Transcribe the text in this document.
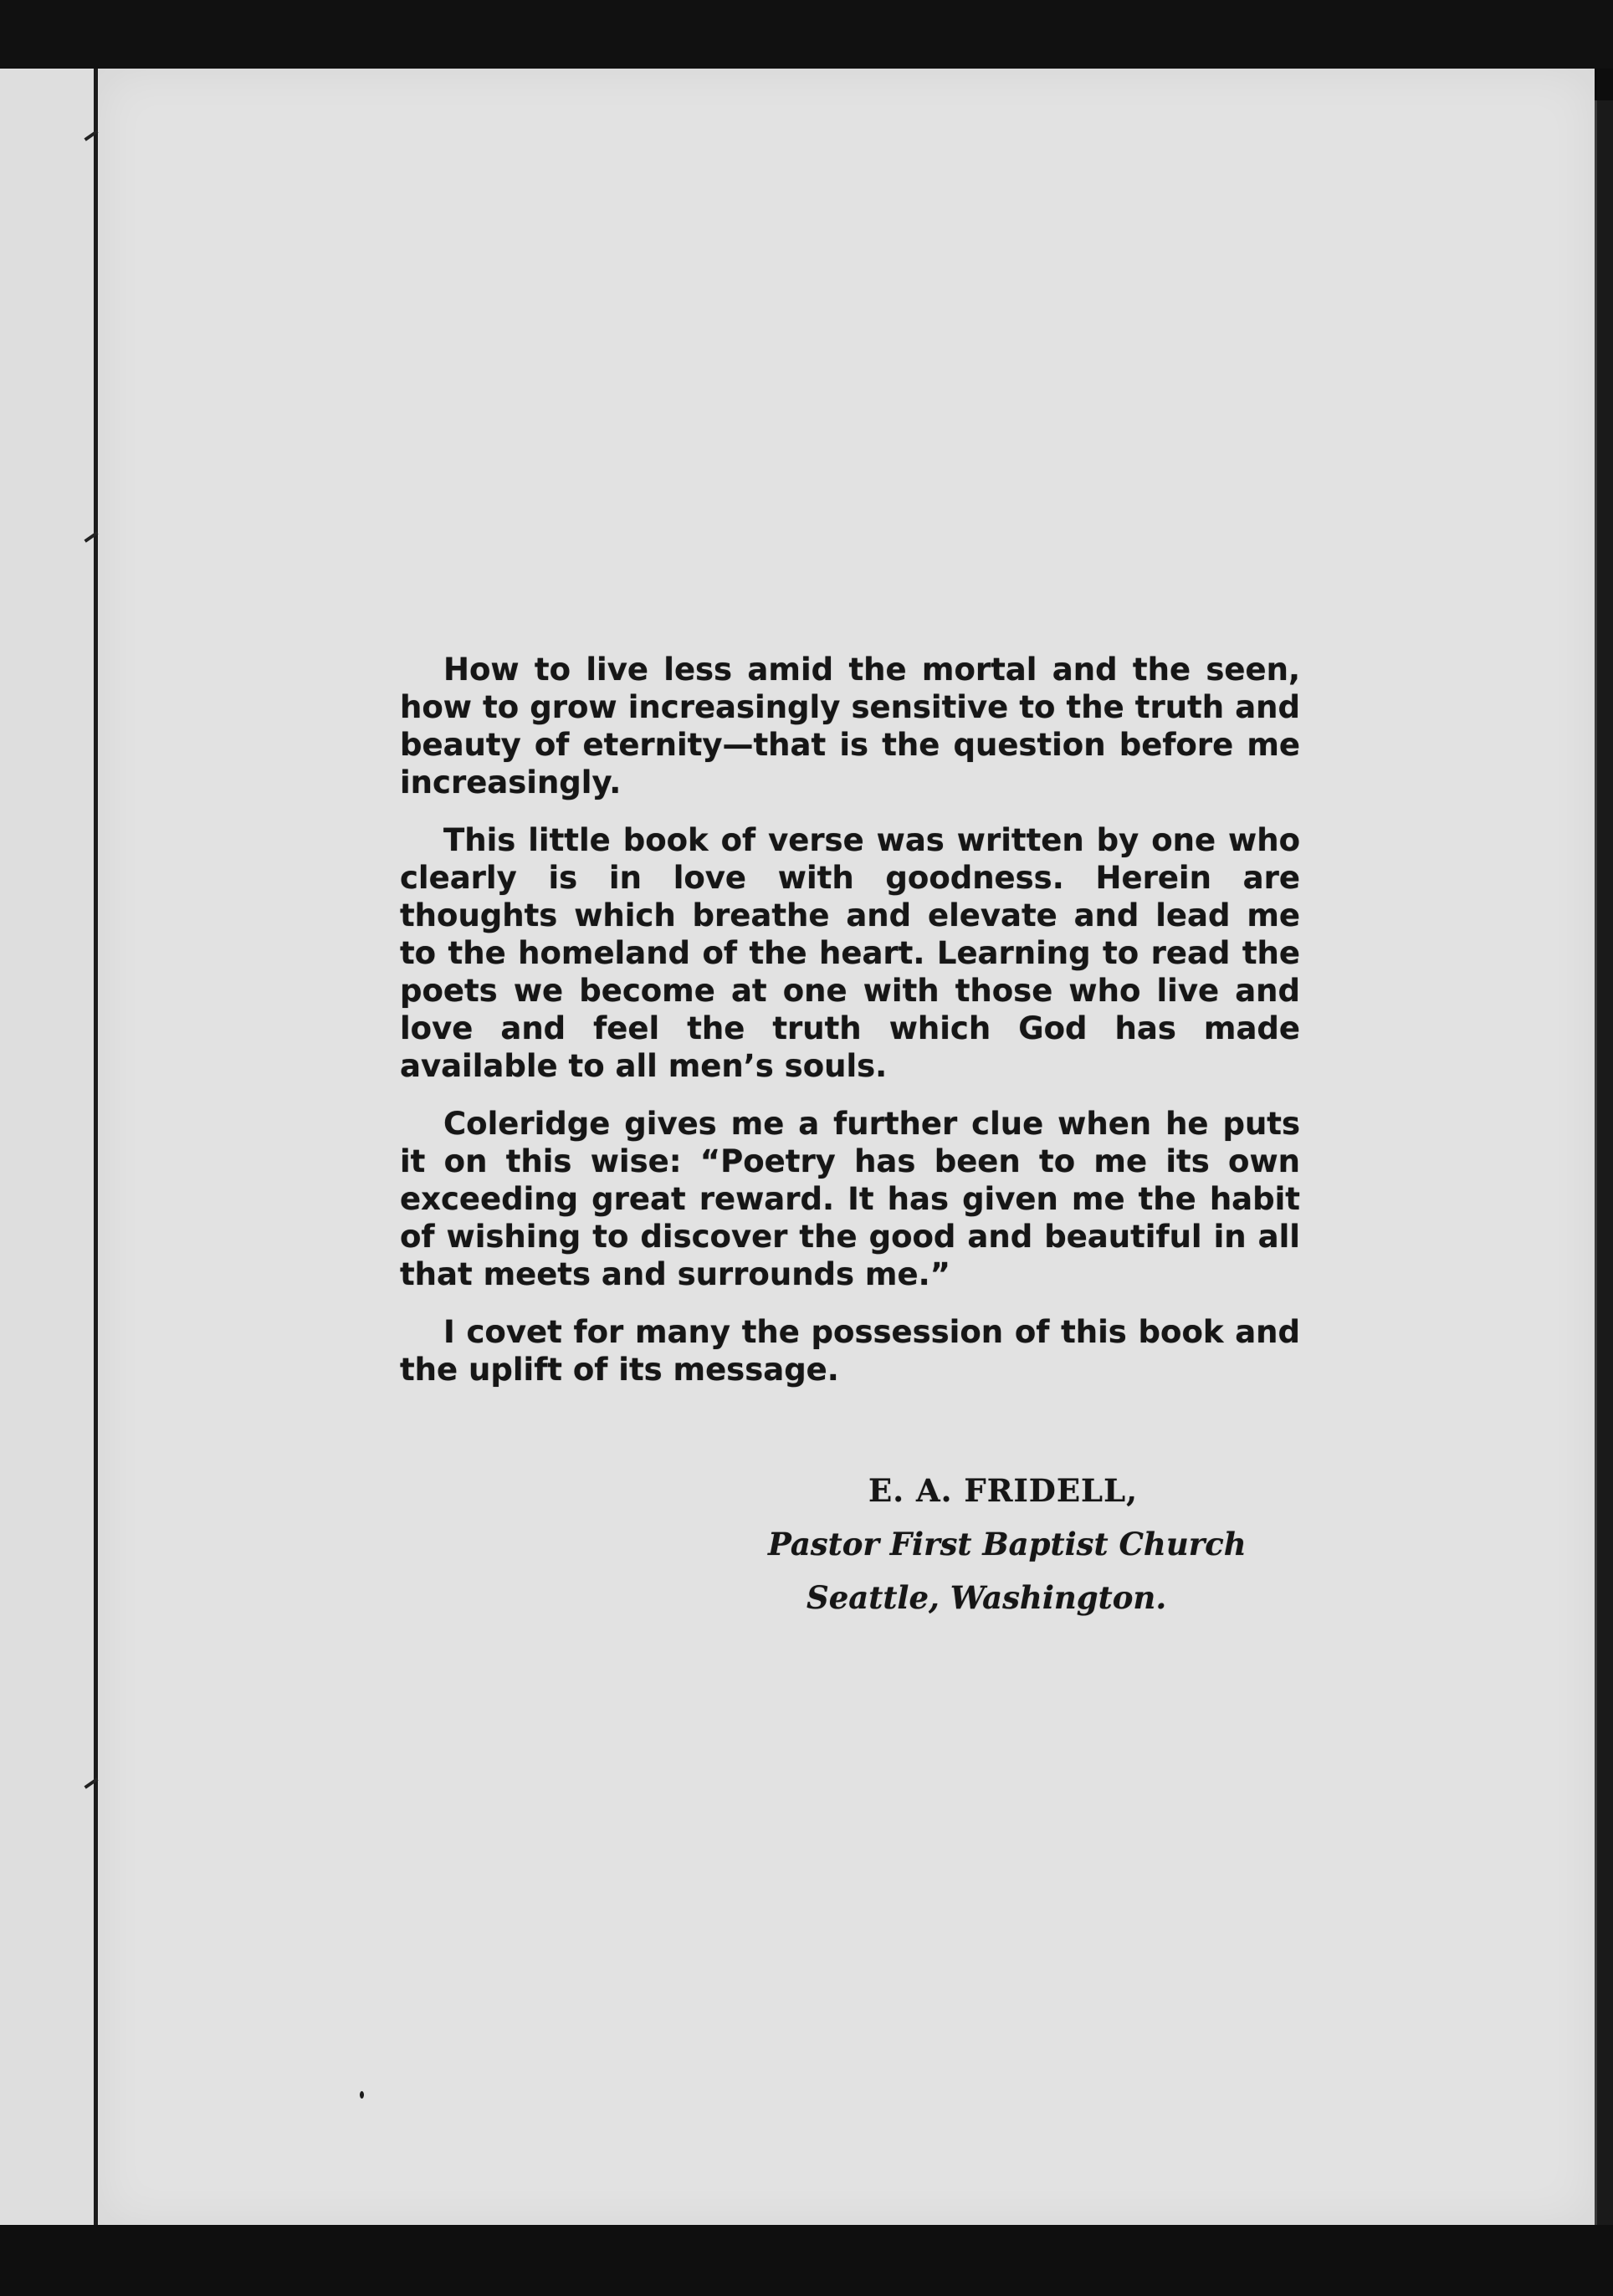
How to live less amid the mortal and the seen, how to grow increasingly sensitive to the truth and beauty of eternity—that is the question before me increasingly.

This little book of verse was written by one who clearly is in love with goodness. Herein are thoughts which breathe and elevate and lead me to the homeland of the heart. Learning to read the poets we become at one with those who live and love and feel the truth which God has made available to all men’s souls.

Coleridge gives me a further clue when he puts it on this wise: “Poetry has been to me its own exceeding great reward. It has given me the habit of wishing to discover the good and beautiful in all that meets and surrounds me.”

I covet for many the possession of this book and the uplift of its message.

E. A. FRIDELL,
Pastor First Baptist Church
Seattle, Washington.
